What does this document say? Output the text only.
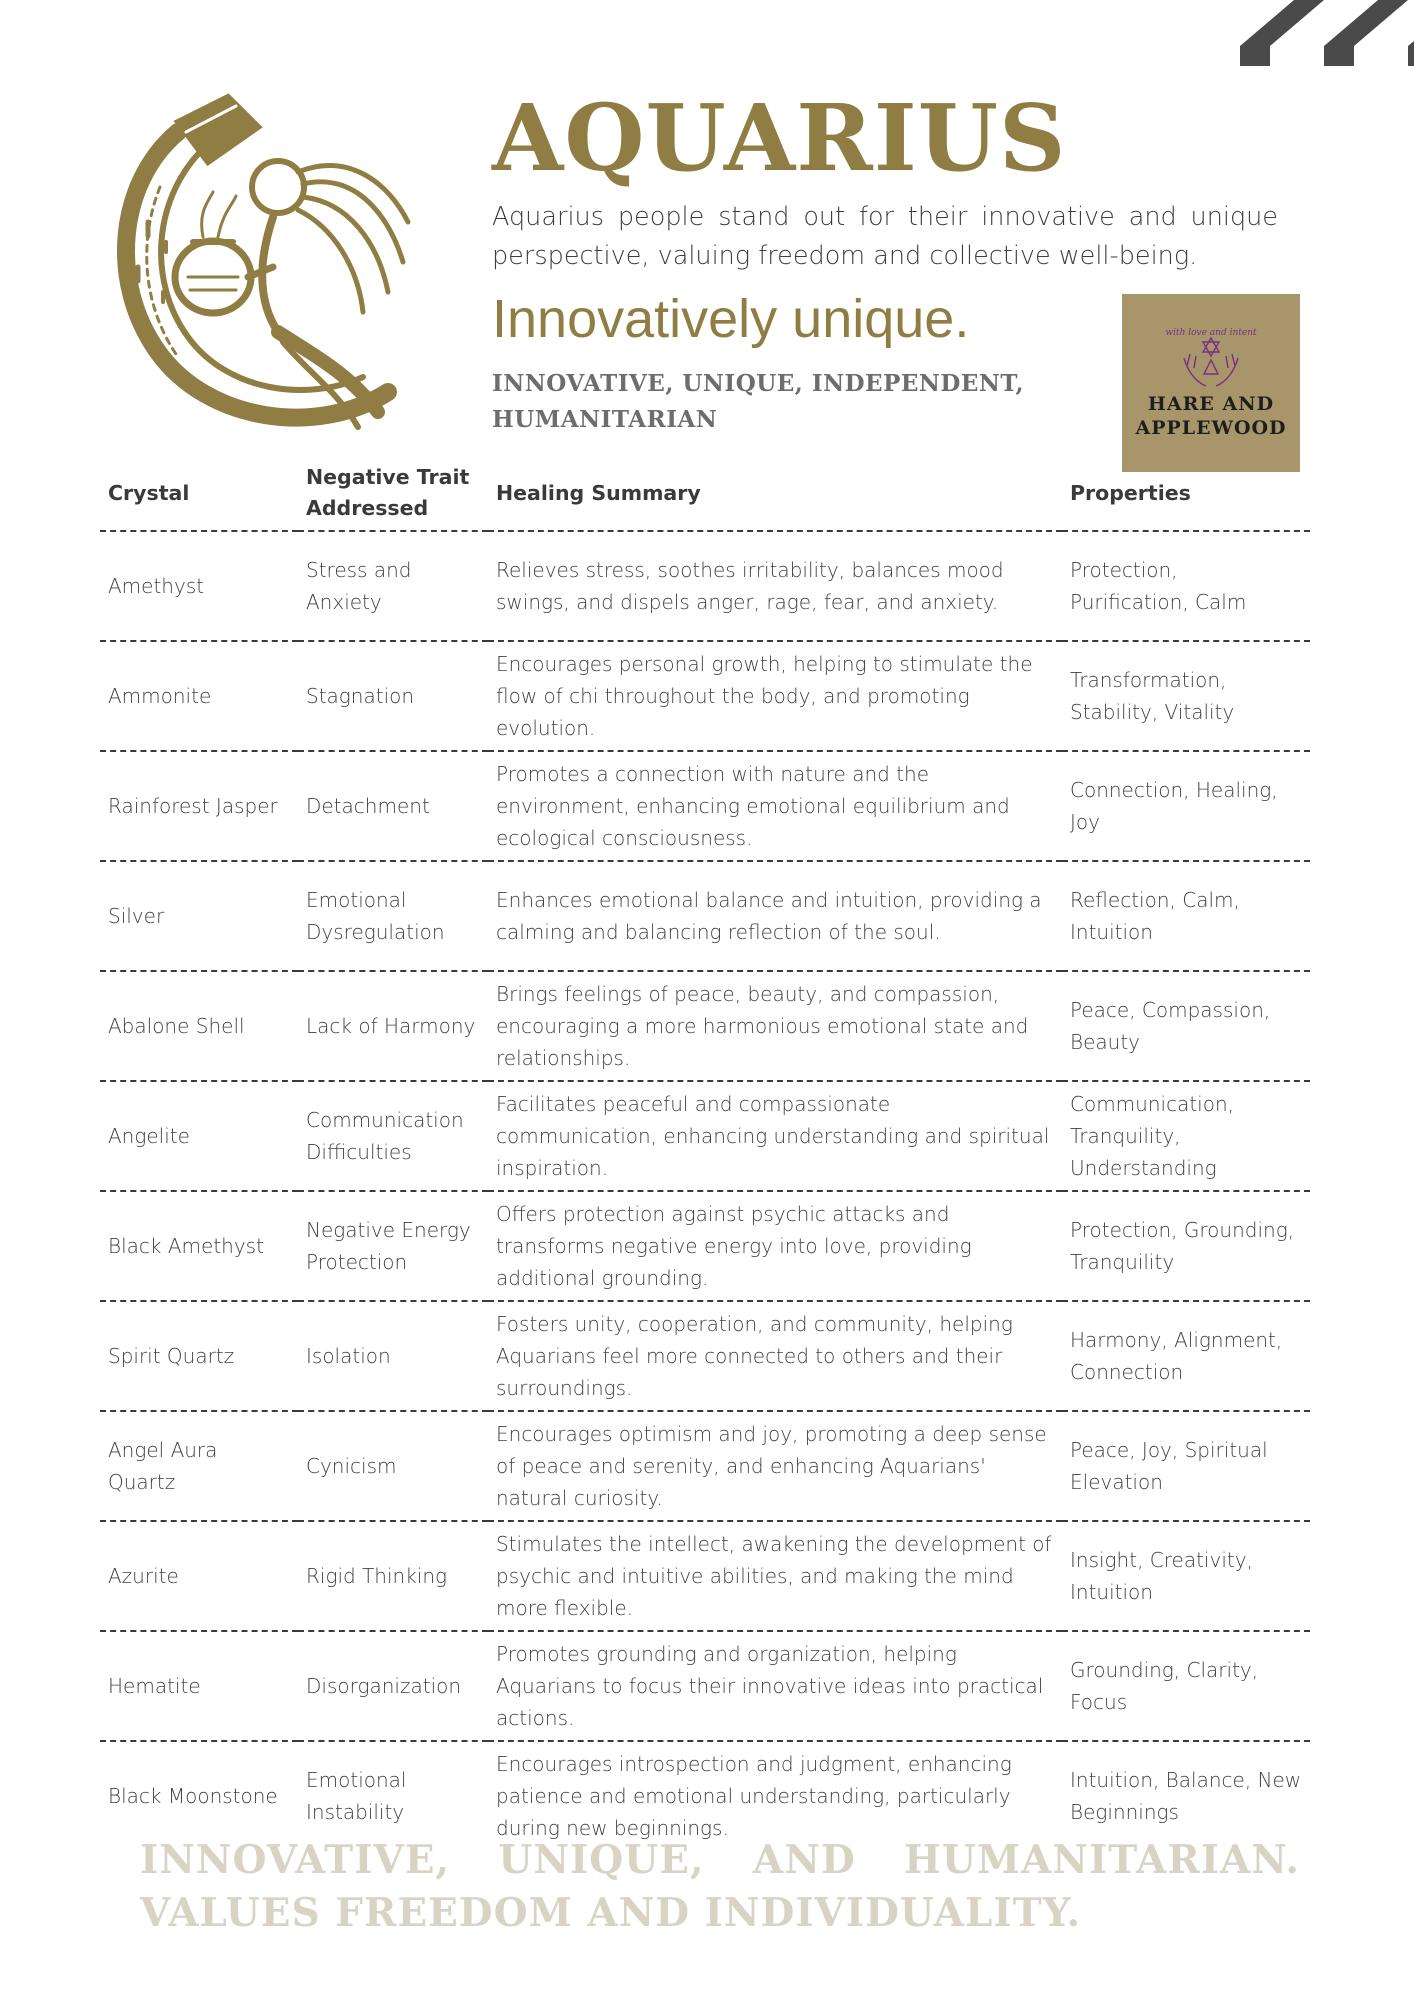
AQUARIUS

Aquarius people stand out for their innovative and unique perspective, valuing freedom and collective well-being.

Innovatively unique.
INNOVATIVE, UNIQUE, INDEPENDENT, HUMANITARIAN
with love and intent
HARE AND APPLEWOOD
Crystal	Negative Trait Addressed	Healing Summary	Properties
Amethyst	Stress and Anxiety	Relieves stress, soothes irritability, balances mood swings, and dispels anger, rage, fear, and anxiety.	Protection, Purification, Calm
Ammonite	Stagnation	Encourages personal growth, helping to stimulate the flow of chi throughout the body, and promoting evolution.	Transformation, Stability, Vitality
Rainforest Jasper	Detachment	Promotes a connection with nature and the environment, enhancing emotional equilibrium and ecological consciousness.	Connection, Healing, Joy
Silver	Emotional Dysregulation	Enhances emotional balance and intuition, providing a calming and balancing reflection of the soul.	Reflection, Calm, Intuition
Abalone Shell	Lack of Harmony	Brings feelings of peace, beauty, and compassion, encouraging a more harmonious emotional state and relationships.	Peace, Compassion, Beauty
Angelite	Communication Difficulties	Facilitates peaceful and compassionate communication, enhancing understanding and spiritual inspiration.	Communication, Tranquility, Understanding
Black Amethyst	Negative Energy Protection	Offers protection against psychic attacks and transforms negative energy into love, providing additional grounding.	Protection, Grounding, Tranquility
Spirit Quartz	Isolation	Fosters unity, cooperation, and community, helping Aquarians feel more connected to others and their surroundings.	Harmony, Alignment, Connection
Angel Aura Quartz	Cynicism	Encourages optimism and joy, promoting a deep sense of peace and serenity, and enhancing Aquarians' natural curiosity.	Peace, Joy, Spiritual Elevation
Azurite	Rigid Thinking	Stimulates the intellect, awakening the development of psychic and intuitive abilities, and making the mind more flexible.	Insight, Creativity, Intuition
Hematite	Disorganization	Promotes grounding and organization, helping Aquarians to focus their innovative ideas into practical actions.	Grounding, Clarity, Focus
Black Moonstone	Emotional Instability	Encourages introspection and judgment, enhancing patience and emotional understanding, particularly during new beginnings.	Intuition, Balance, New Beginnings

INNOVATIVE, UNIQUE, AND HUMANITARIAN. VALUES FREEDOM AND INDIVIDUALITY.
